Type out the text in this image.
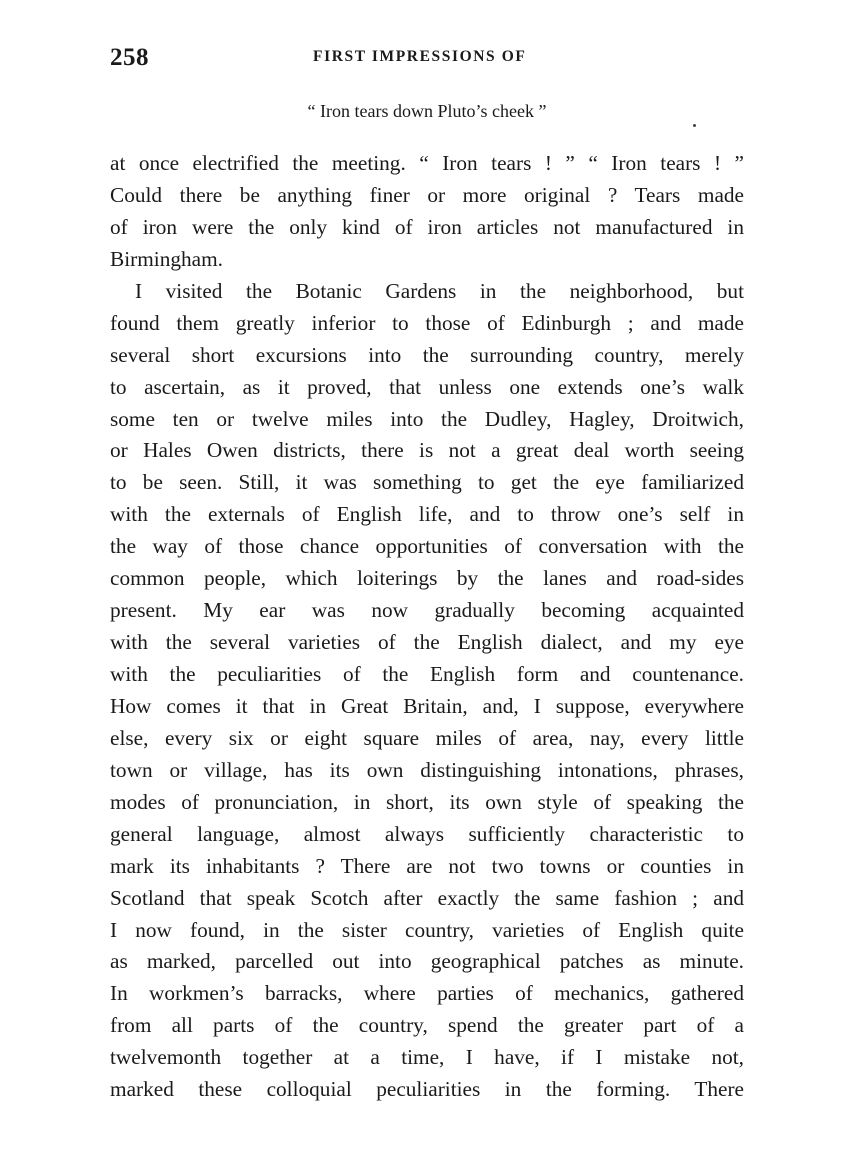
258	FIRST IMPRESSIONS OF
“ Iron tears down Pluto’s cheek ”
at once electrified the meeting. “ Iron tears ! ” “ Iron tears ! ”
Could there be anything finer or more original ? Tears made
of iron were the only kind of iron articles not manufactured in
Birmingham.
I visited the Botanic Gardens in the neighborhood, but
found them greatly inferior to those of Edinburgh ; and made
several short excursions into the surrounding country, merely
to ascertain, as it proved, that unless one extends one’s walk
some ten or twelve miles into the Dudley, Hagley, Droitwich,
or Hales Owen districts, there is not a great deal worth seeing
to be seen. Still, it was something to get the eye familiarized
with the externals of English life, and to throw one’s self in
the way of those chance opportunities of conversation with the
common people, which loiterings by the lanes and road-sides
present. My ear was now gradually becoming acquainted
with the several varieties of the English dialect, and my eye
with the peculiarities of the English form and countenance.
How comes it that in Great Britain, and, I suppose, everywhere
else, every six or eight square miles of area, nay, every little
town or village, has its own distinguishing intonations, phrases,
modes of pronunciation, in short, its own style of speaking the
general language, almost always sufficiently characteristic to
mark its inhabitants ? There are not two towns or counties in
Scotland that speak Scotch after exactly the same fashion ; and
I now found, in the sister country, varieties of English quite
as marked, parcelled out into geographical patches as minute.
In workmen’s barracks, where parties of mechanics, gathered
from all parts of the country, spend the greater part of a
twelvemonth together at a time, I have, if I mistake not,
marked these colloquial peculiarities in the forming. There
